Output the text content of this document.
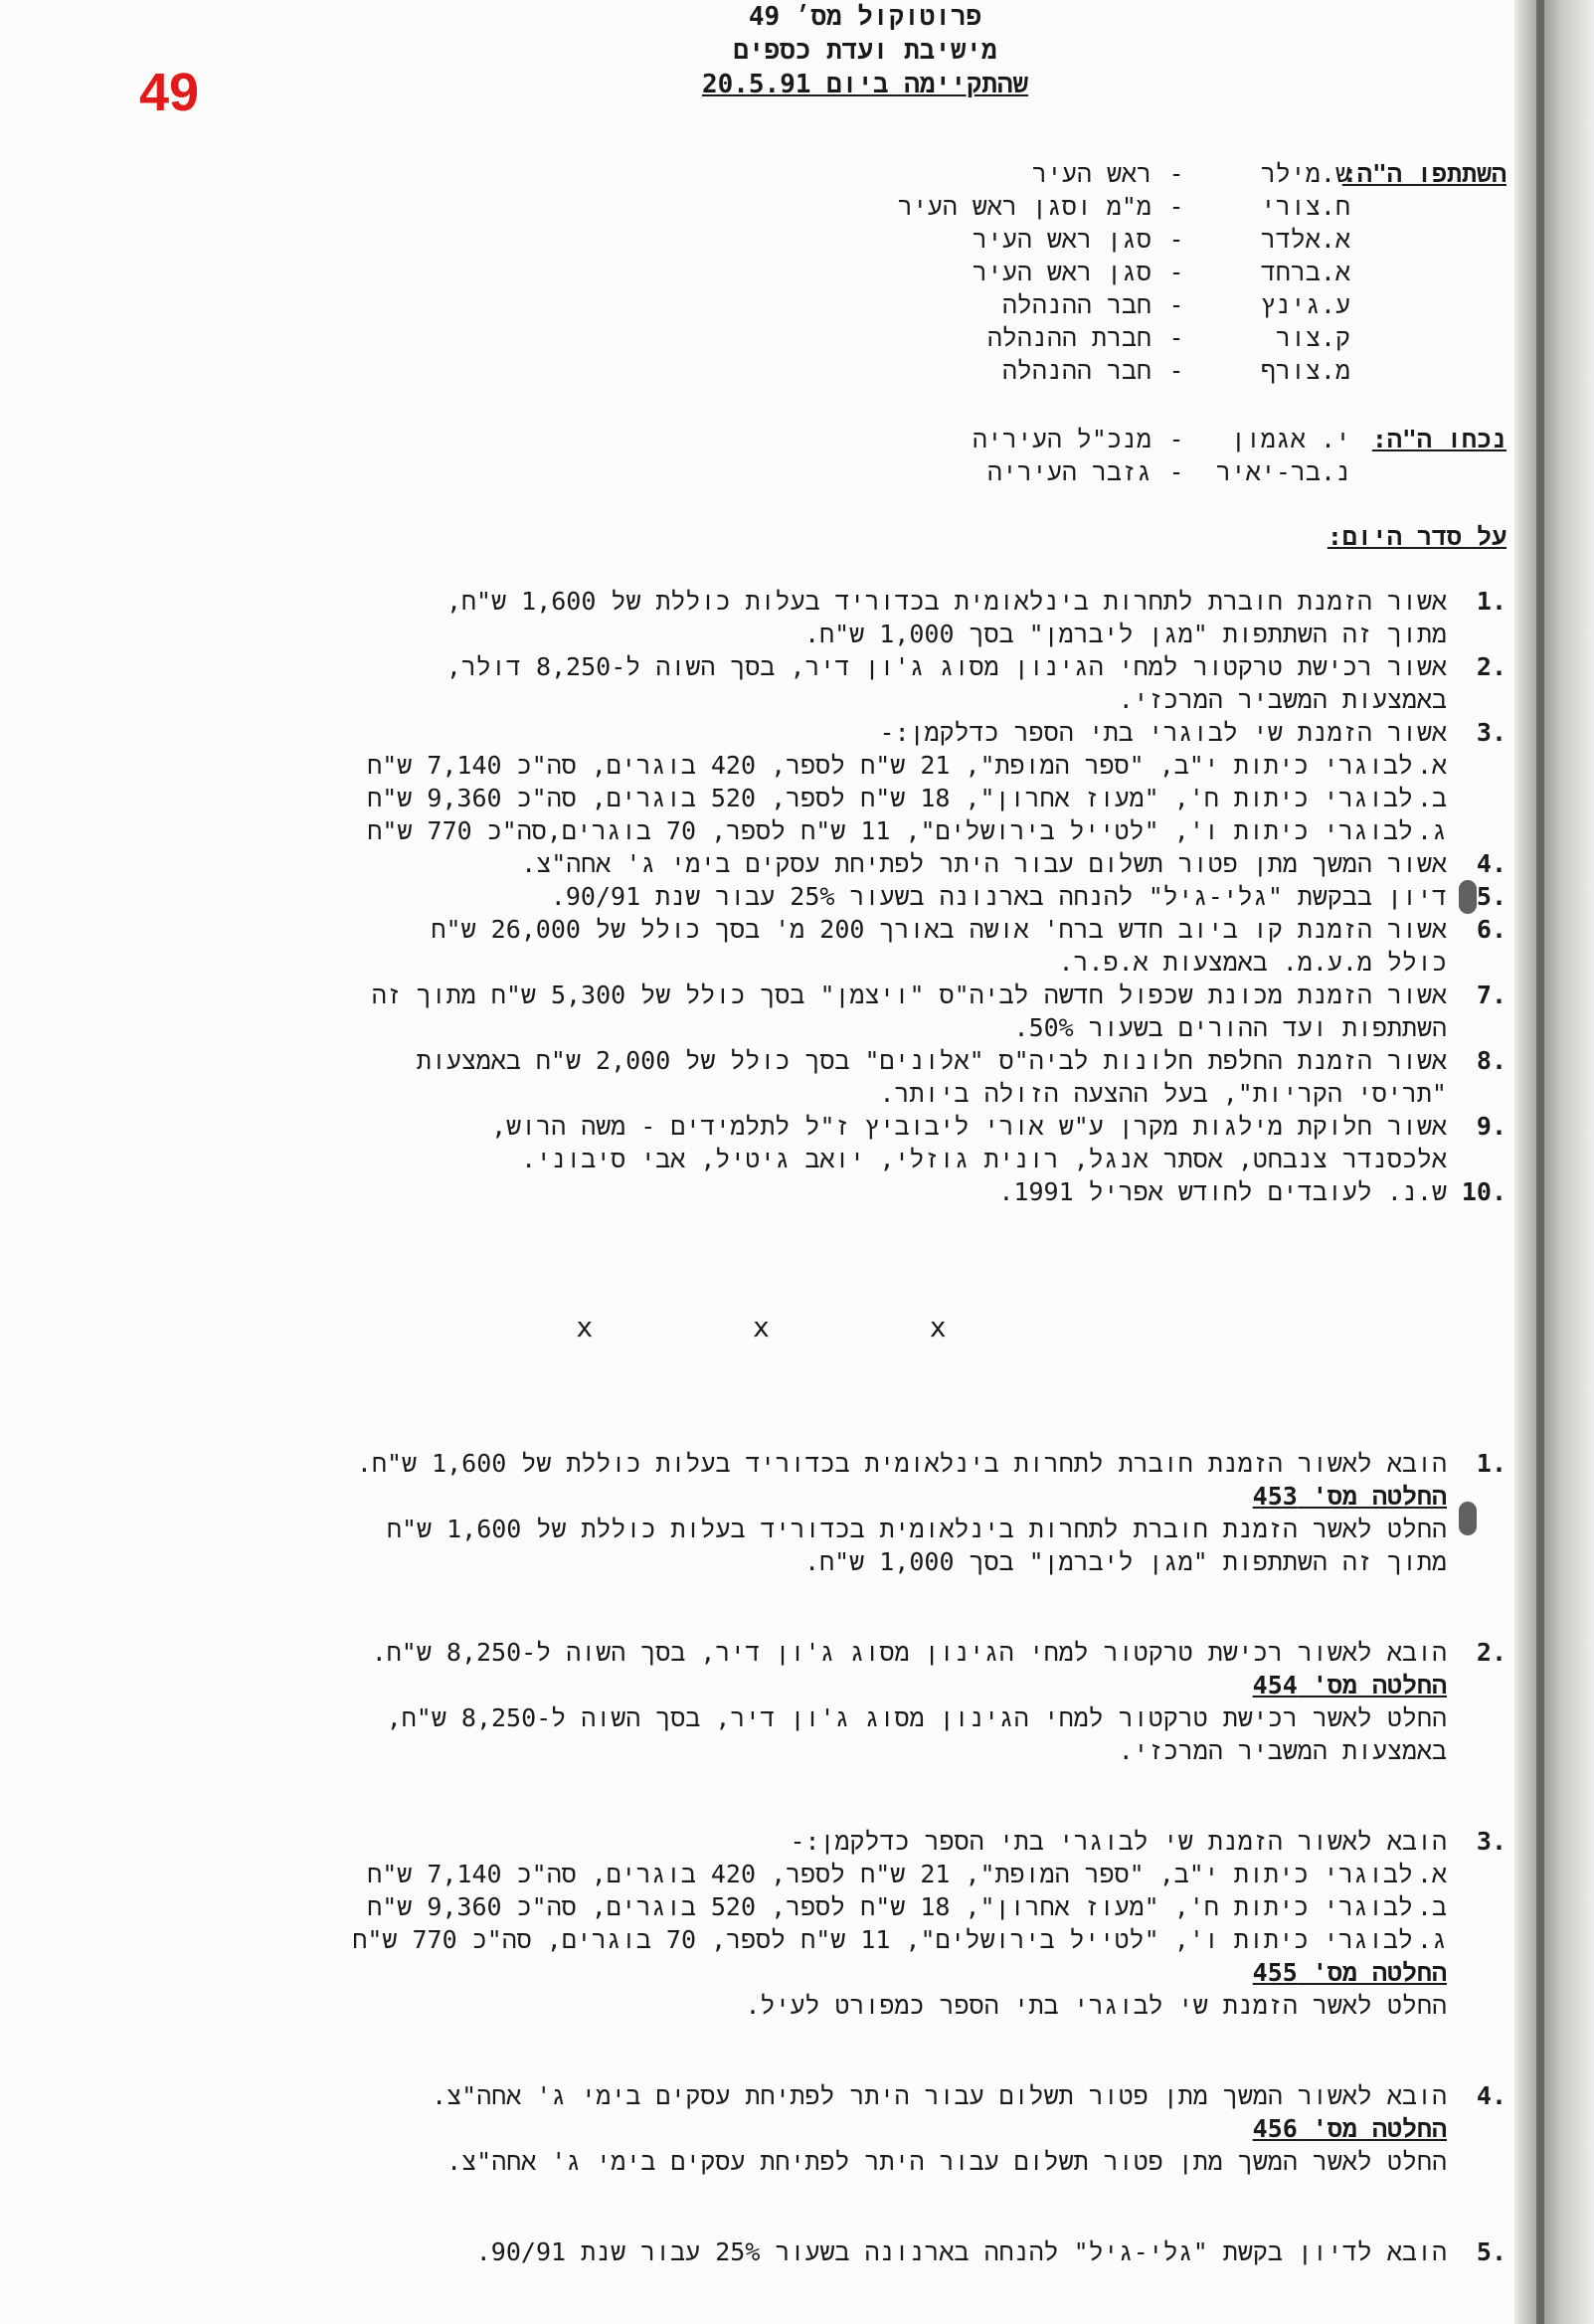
49
פרוטוקול מס׳ 49
מישיבת ועדת כספים
שהתקיימה ביום 20.5.91
השתתפו ה"ה:
ש.מילר
-
ראש העיר
ח.צורי
-
מ"מ וסגן ראש העיר
א.אלדר
-
סגן ראש העיר
א.ברחד
-
סגן ראש העיר
ע.גינץ
-
חבר ההנהלה
ק.צור
-
חברת ההנהלה
מ.צורף
-
חבר ההנהלה
נכחו ה"ה:
י. אגמון
-
מנכ"ל העיריה
נ.בר-יאיר
-
גזבר העיריה
על סדר היום:
1.
אשור הזמנת חוברת לתחרות בינלאומית בכדוריד בעלות כוללת של 1,600 ש"ח,
מתוך זה השתתפות "מגן ליברמן" בסך 1,000 ש"ח.
2.
אשור רכישת טרקטור למחי הגינון מסוג ג'ון דיר, בסך השוה ל-8,250 דולר,
באמצעות המשביר המרכזי.
3.
אשור הזמנת שי לבוגרי בתי הספר כדלקמן:-
א.
לבוגרי כיתות י"ב, "ספר המופת", 21 ש"ח לספר, 420 בוגרים, סה"כ 7,140 ש"ח
ב.
לבוגרי כיתות ח', "מעוז אחרון", 18 ש"ח לספר, 520 בוגרים, סה"כ 9,360 ש"ח
ג.
לבוגרי כיתות ו', "לטייל בירושלים", 11 ש"ח לספר, 70 בוגרים,סה"כ 770 ש"ח
4.
אשור המשך מתן פטור תשלום עבור היתר לפתיחת עסקים בימי ג' אחה"צ.
5.
דיון בבקשת "גלי-גיל" להנחה בארנונה בשעור 25% עבור שנת 90/91.
6.
אשור הזמנת קו ביוב חדש ברח' אושה באורך 200 מ' בסך כולל של 26,000 ש"ח
כולל מ.ע.מ. באמצעות א.פ.ר.
7.
אשור הזמנת מכונת שכפול חדשה לביה"ס "ויצמן" בסך כולל של 5,300 ש"ח מתוך זה
השתתפות ועד ההורים בשעור 50%.
8.
אשור הזמנת החלפת חלונות לביה"ס "אלונים" בסך כולל של 2,000 ש"ח באמצעות
"תריסי הקריות", בעל ההצעה הזולה ביותר.
9.
אשור חלוקת מילגות מקרן ע"ש אורי ליבוביץ ז"ל לתלמידים - משה הרוש,
אלכסנדר צנבחט, אסתר אנגל, רונית גוזלי, יואב גיטיל, אבי סיבוני.
10.
ש.נ. לעובדים לחודש אפריל 1991.
x x x
1.
הובא לאשור הזמנת חוברת לתחרות בינלאומית בכדוריד בעלות כוללת של 1,600 ש"ח.
החלטה מס' 453
החלט לאשר הזמנת חוברת לתחרות בינלאומית בכדוריד בעלות כוללת של 1,600 ש"ח
מתוך זה השתתפות "מגן ליברמן" בסך 1,000 ש"ח.
2.
הובא לאשור רכישת טרקטור למחי הגינון מסוג ג'ון דיר, בסך השוה ל-8,250 ש"ח.
החלטה מס' 454
החלט לאשר רכישת טרקטור למחי הגינון מסוג ג'ון דיר, בסך השוה ל-8,250 ש"ח,
באמצעות המשביר המרכזי.
3.
הובא לאשור הזמנת שי לבוגרי בתי הספר כדלקמן:-
א.
לבוגרי כיתות י"ב, "ספר המופת", 21 ש"ח לספר, 420 בוגרים, סה"כ 7,140 ש"ח
ב.
לבוגרי כיתות ח', "מעוז אחרון", 18 ש"ח לספר, 520 בוגרים, סה"כ 9,360 ש"ח
ג.
לבוגרי כיתות ו', "לטייל בירושלים", 11 ש"ח לספר, 70 בוגרים, סה"כ 770 ש"ח
החלטה מס' 455
החלט לאשר הזמנת שי לבוגרי בתי הספר כמפורט לעיל.
4.
הובא לאשור המשך מתן פטור תשלום עבור היתר לפתיחת עסקים בימי ג' אחה"צ.
החלטה מס' 456
החלט לאשר המשך מתן פטור תשלום עבור היתר לפתיחת עסקים בימי ג' אחה"צ.
5.
הובא לדיון בקשת "גלי-גיל" להנחה בארנונה בשעור 25% עבור שנת 90/91.
